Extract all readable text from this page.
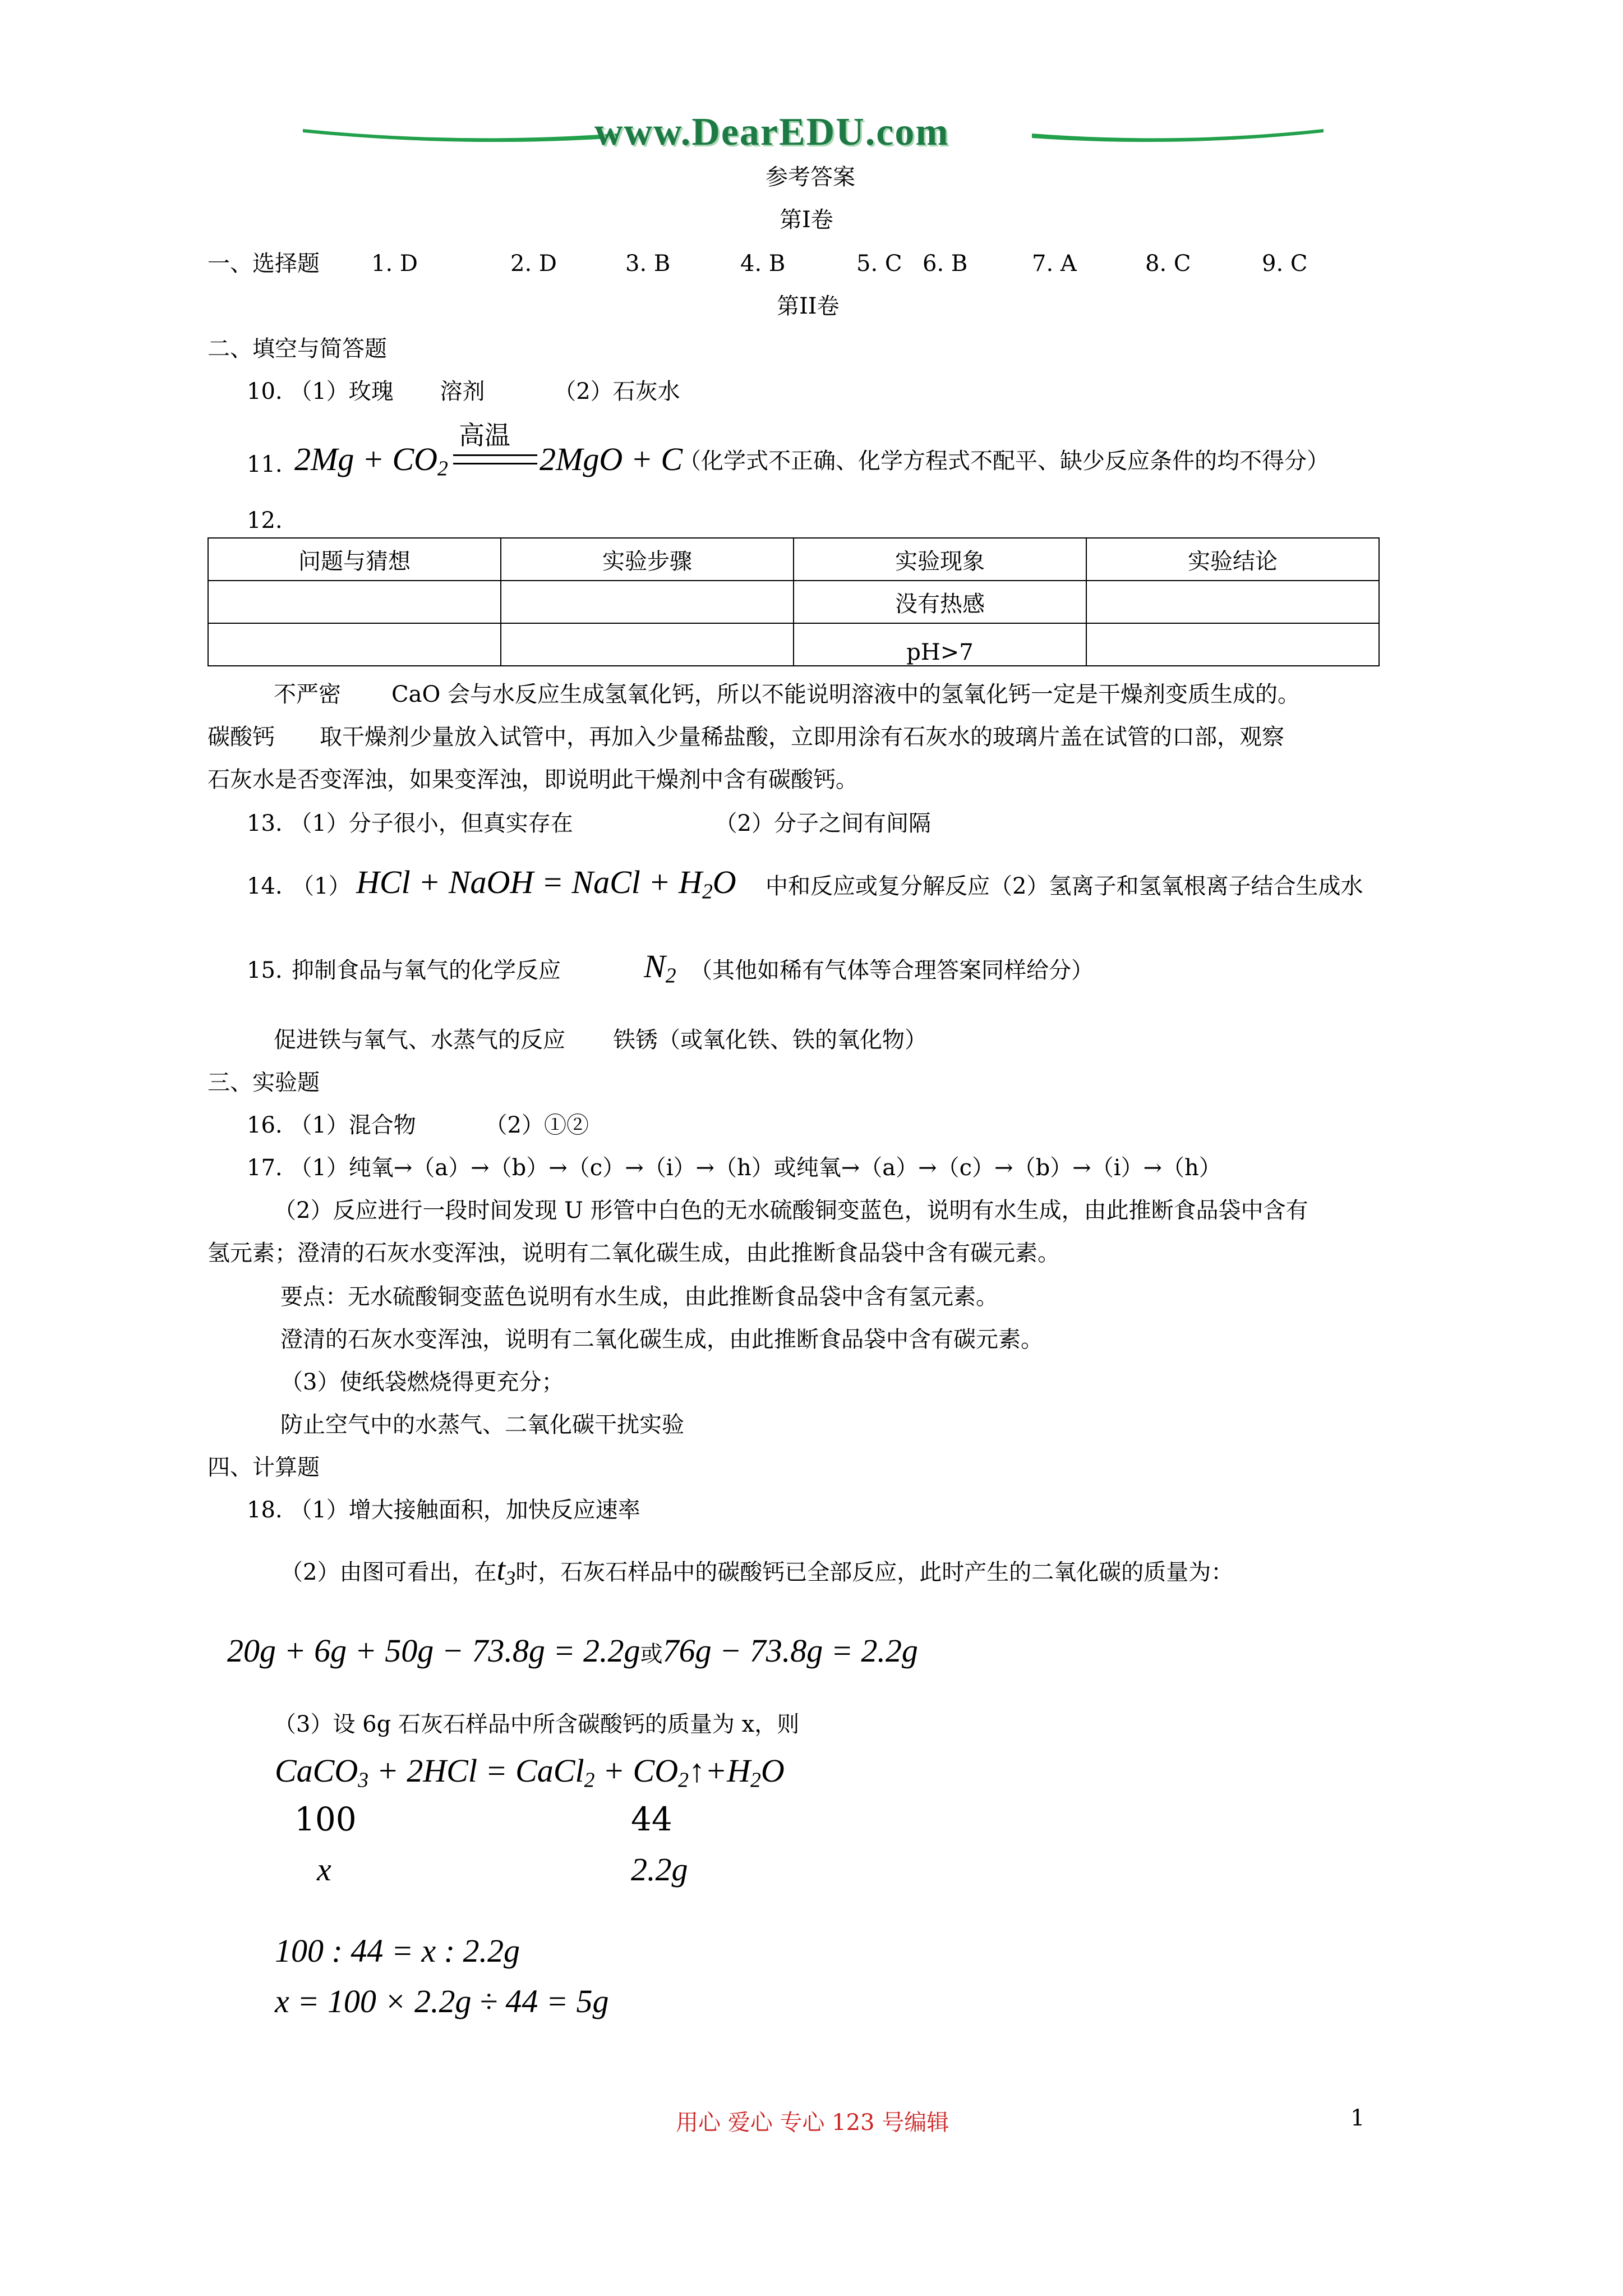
www.DearEDU.com
参考答案
第I卷
一、选择题 1. D	2. D	3. B	4. B	5. C 6. B	7. A	8. C	9. C
第II卷
二、填空与简答题
10. （1）玫瑰 溶剂	（2）石灰水
11. $2Mg + CO_2$
高温
2MgO + C
（化学式不正确、化学方程式不配平、缺少反应条件的均不得分）
12.
问题与猜想	实验步骤	实验现象	实验结论
		没有热感	
		pH>7	
不严密 CaO 会与水反应生成氢氧化钙，所以不能说明溶液中的氢氧化钙一定是干燥剂变质生成的。
碳酸钙 取干燥剂少量放入试管中，再加入少量稀盐酸，立即用涂有石灰水的玻璃片盖在试管的口部，观察
石灰水是否变浑浊，如果变浑浊，即说明此干燥剂中含有碳酸钙。
13. （1）分子很小，但真实存在	（2）分子之间有间隔
14. （1） HCl + NaOH = NaCl + $H_2O$ 中和反应或复分解反应（2）氢离子和氢氧根离子结合生成水
15. 抑制食品与氧气的化学反应	$N_2$ （其他如稀有气体等合理答案同样给分）
促进铁与氧气、水蒸气的反应 铁锈（或氧化铁、铁的氧化物）
三、实验题
16. （1）混合物	（2）①②
17. （1）纯氧→（a）→（b）→（c）→（i）→（h）或纯氧→（a）→（c）→（b）→（i）→（h）
（2）反应进行一段时间发现 U 形管中白色的无水硫酸铜变蓝色，说明有水生成，由此推断食品袋中含有
氢元素；澄清的石灰水变浑浊，说明有二氧化碳生成，由此推断食品袋中含有碳元素。
要点：无水硫酸铜变蓝色说明有水生成，由此推断食品袋中含有氢元素。
澄清的石灰水变浑浊，说明有二氧化碳生成，由此推断食品袋中含有碳元素。
（3）使纸袋燃烧得更充分；
防止空气中的水蒸气、二氧化碳干扰实验
四、计算题
18. （1）增大接触面积，加快反应速率
（2）由图可看出，在$t_3$时，石灰石样品中的碳酸钙已全部反应，此时产生的二氧化碳的质量为：
20g + 6g + 50g − 73.8g = 2.2g或76g − 73.8g = 2.2g
（3）设 6g 石灰石样品中所含碳酸钙的质量为 x，则
CaCO$_3$ + 2HCl = CaCl$_2$ + $CO_2↑+H_2O$
100	44
x	2.2g
100 : 44 = x : 2.2g
x = 100 × 2.2g ÷ 44 = 5g
用心 爱心 专心 123 号编辑	1
